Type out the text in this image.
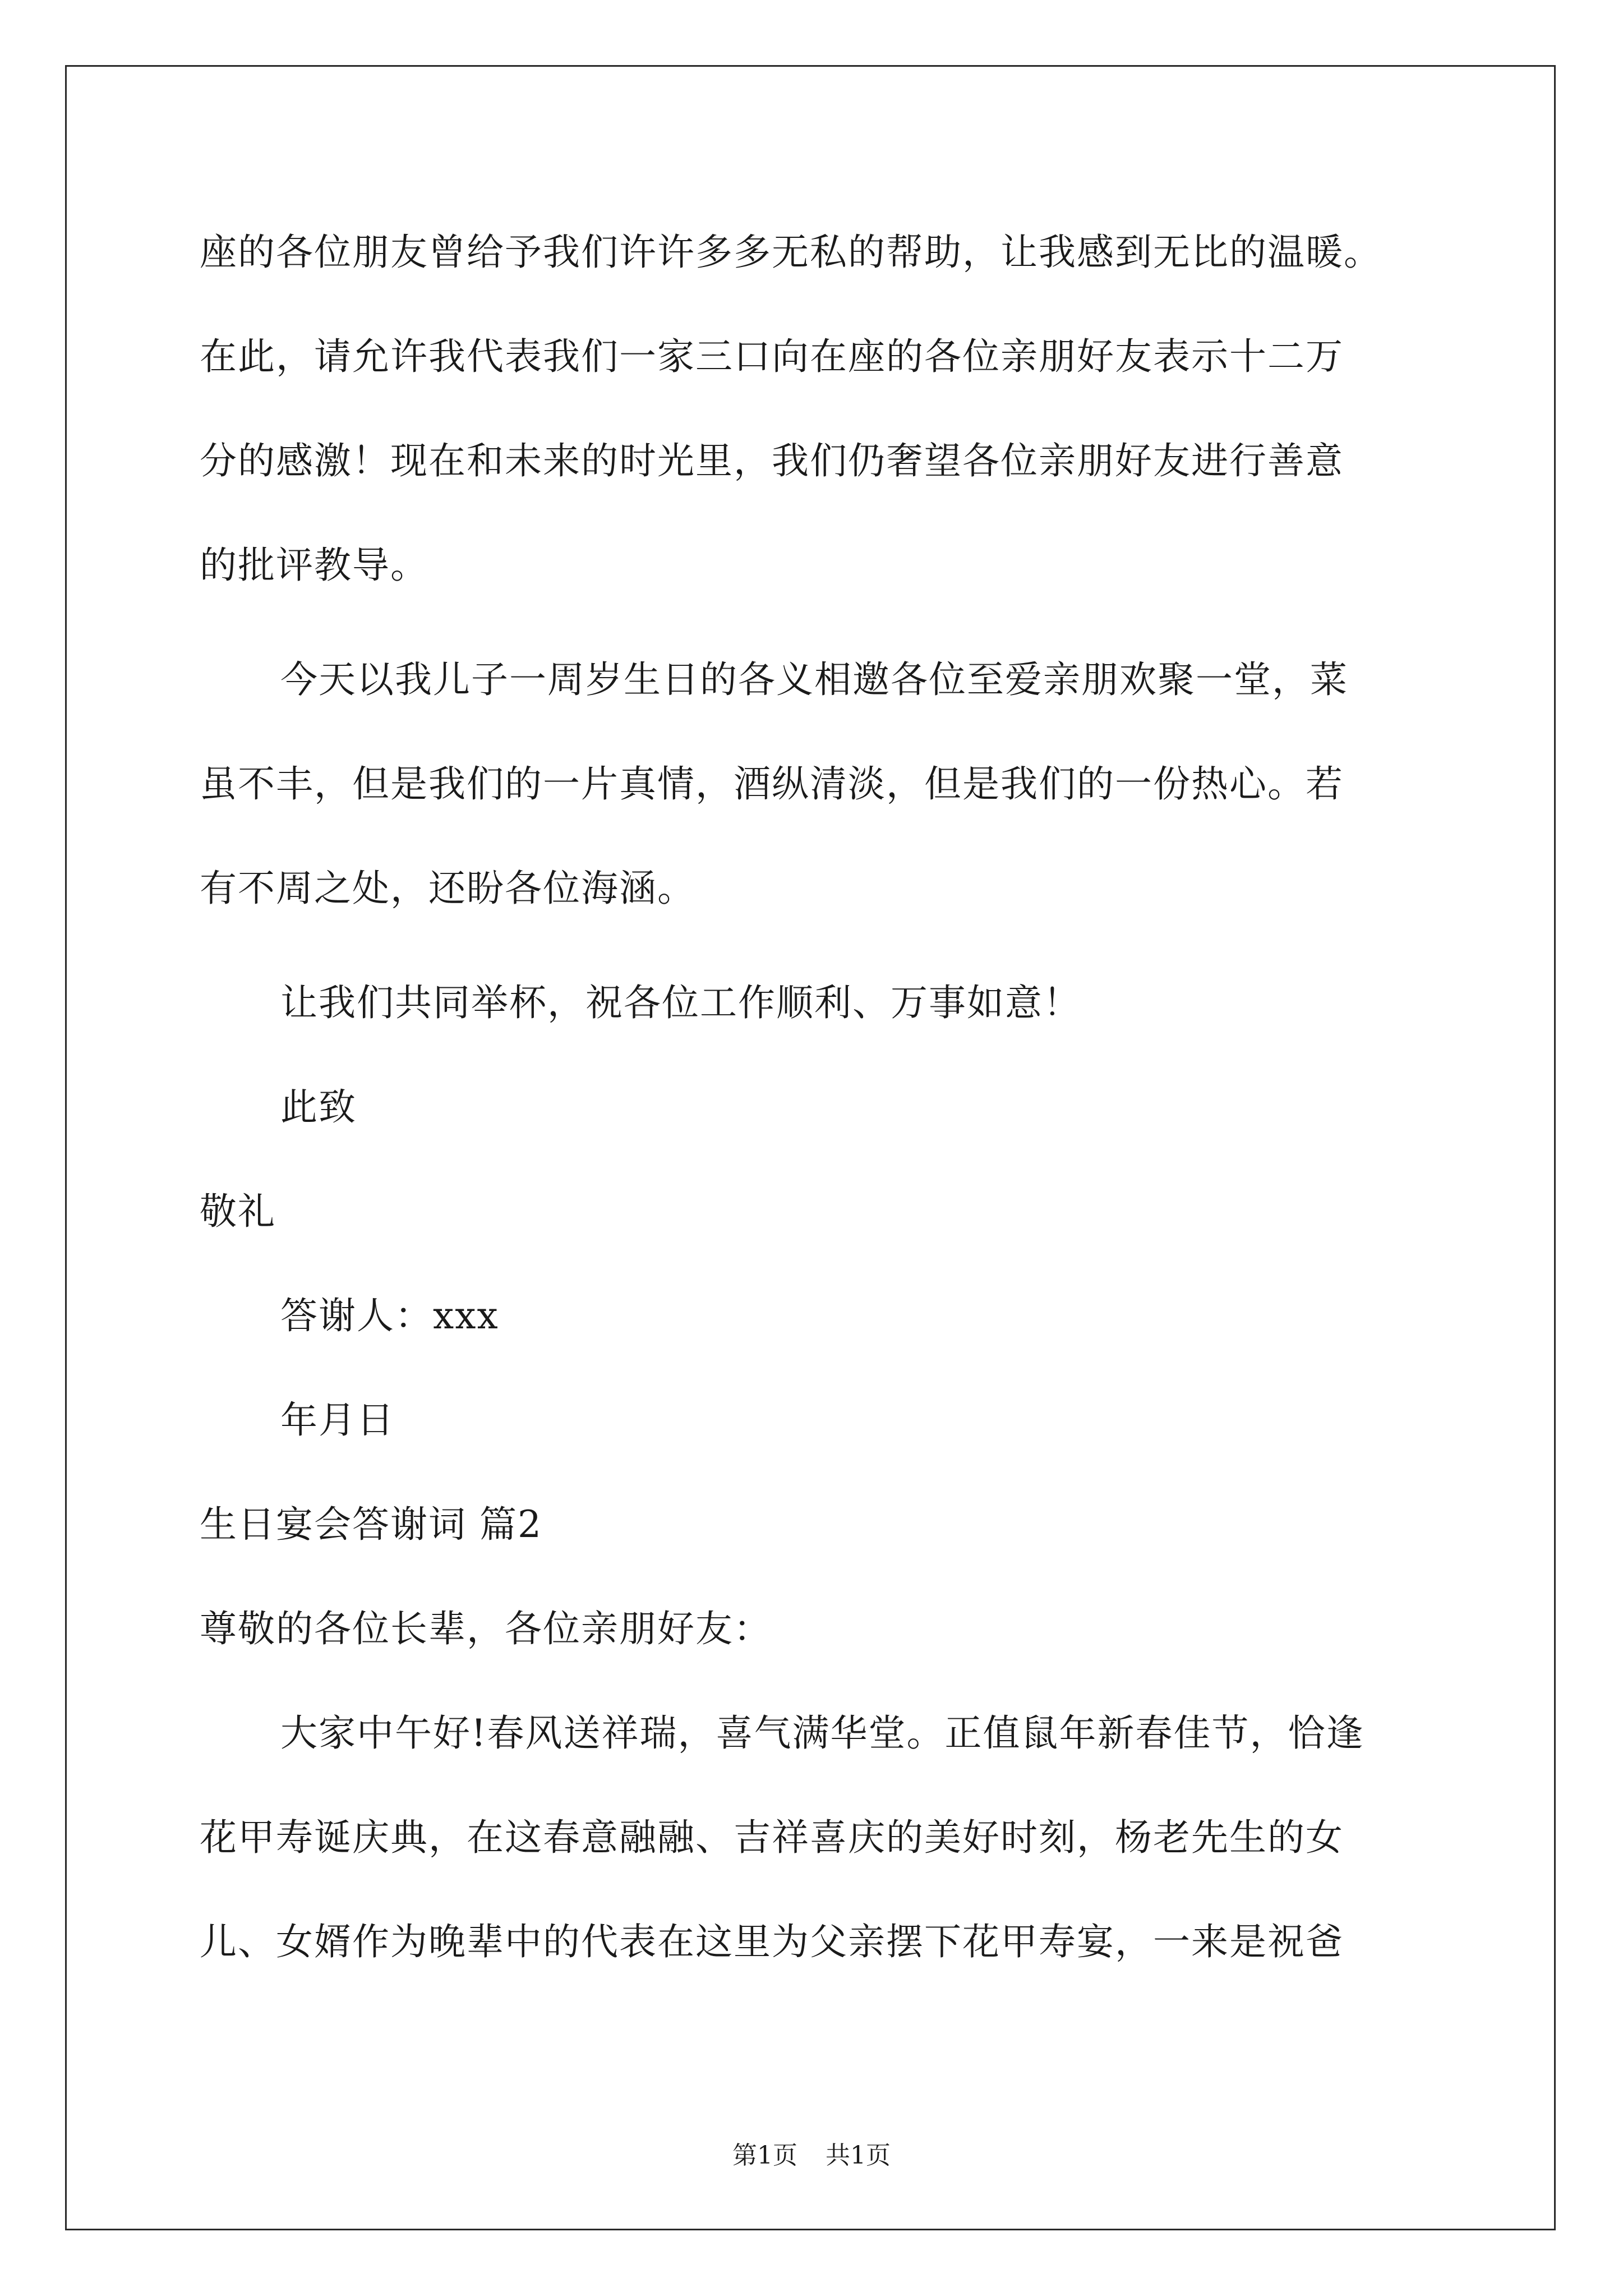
座的各位朋友曾给予我们许许多多无私的帮助，让我感到无比的温暖。
在此，请允许我代表我们一家三口向在座的各位亲朋好友表示十二万
分的感激！现在和未来的时光里，我们仍奢望各位亲朋好友进行善意
的批评教导。
今天以我儿子一周岁生日的各义相邀各位至爱亲朋欢聚一堂，菜
虽不丰，但是我们的一片真情，酒纵清淡，但是我们的一份热心。若
有不周之处，还盼各位海涵。
让我们共同举杯，祝各位工作顺利、万事如意！
此致
敬礼
答谢人：xxx
年月日
生日宴会答谢词 篇2
尊敬的各位长辈，各位亲朋好友：
大家中午好!春风送祥瑞，喜气满华堂。正值鼠年新春佳节，恰逢
花甲寿诞庆典，在这春意融融、吉祥喜庆的美好时刻，杨老先生的女
儿、女婿作为晚辈中的代表在这里为父亲摆下花甲寿宴，一来是祝爸
第1页 共1页
